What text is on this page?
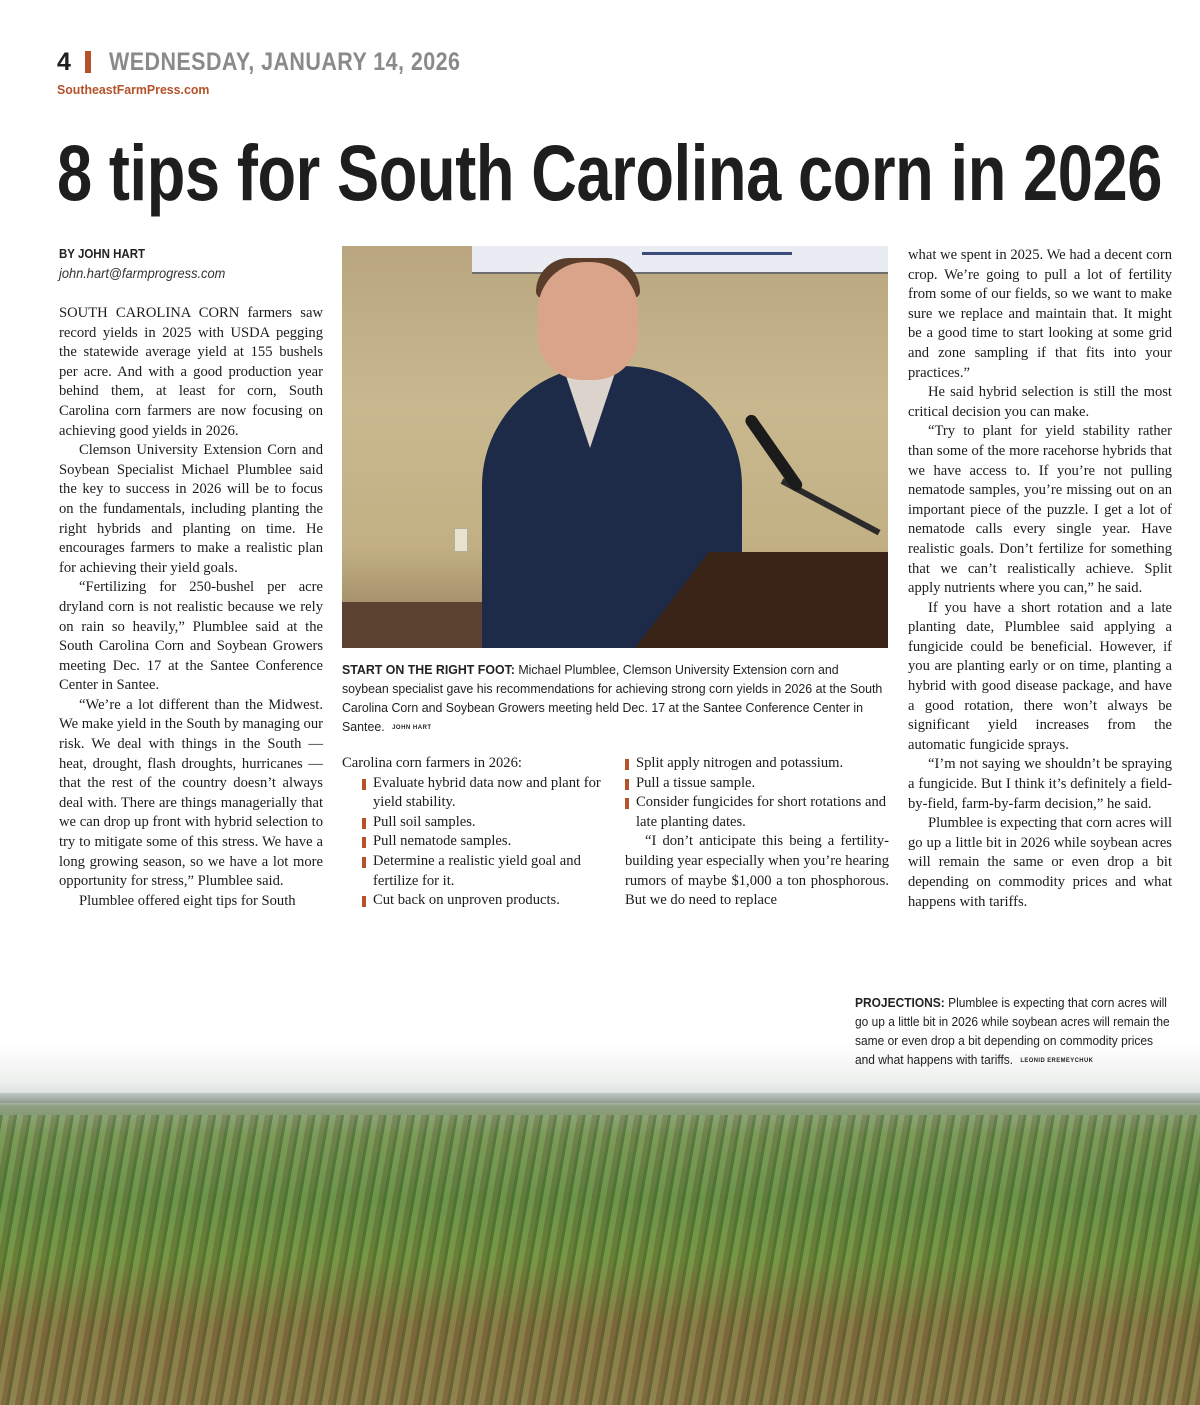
4 WEDNESDAY, JANUARY 14, 2026
SoutheastFarmPress.com
8 tips for South Carolina corn in 2026
BY JOHN HART
john.hart@farmprogress.com

SOUTH CAROLINA CORN farmers saw record yields in 2025 with USDA pegging the statewide average yield at 155 bushels per acre. And with a good production year behind them, at least for corn, South Carolina corn farmers are now focusing on achieving good yields in 2026.

Clemson University Extension Corn and Soybean Specialist Michael Plumblee said the key to success in 2026 will be to focus on the fundamentals, including planting the right hybrids and planting on time. He encourages farmers to make a realistic plan for achieving their yield goals.

“Fertilizing for 250-bushel per acre dryland corn is not realistic because we rely on rain so heavily,” Plumblee said at the South Carolina Corn and Soybean Growers meeting Dec. 17 at the Santee Conference Center in Santee.

“We’re a lot different than the Midwest. We make yield in the South by managing our risk. We deal with things in the South — heat, drought, flash droughts, hurricanes — that the rest of the country doesn’t always deal with. There are things managerially that we can drop up front with hybrid selection to try to mitigate some of this stress. We have a long growing season, so we have a lot more opportunity for stress,” Plumblee said.

Plumblee offered eight tips for South

START ON THE RIGHT FOOT: Michael Plumblee, Clemson University Extension corn and soybean specialist gave his recommendations for achieving strong corn yields in 2026 at the South Carolina Corn and Soybean Growers meeting held Dec. 17 at the Santee Conference Center in Santee. JOHN HART

Carolina corn farmers in 2026:

Evaluate hybrid data now and plant for yield stability.
Pull soil samples.
Pull nematode samples.
Determine a realistic yield goal and fertilize for it.
Cut back on unproven products.
Split apply nitrogen and potassium.
Pull a tissue sample.
Consider fungicides for short rotations and late planting dates.

“I don’t anticipate this being a fertility-building year especially when you’re hearing rumors of maybe $1,000 a ton phosphorous. But we do need to replace

what we spent in 2025. We had a decent corn crop. We’re going to pull a lot of fertility from some of our fields, so we want to make sure we replace and maintain that. It might be a good time to start looking at some grid and zone sampling if that fits into your practices.”

He said hybrid selection is still the most critical decision you can make.

“Try to plant for yield stability rather than some of the more racehorse hybrids that we have access to. If you’re not pulling nematode samples, you’re missing out on an important piece of the puzzle. I get a lot of nematode calls every single year. Have realistic goals. Don’t fertilize for something that we can’t realistically achieve. Split apply nutrients where you can,” he said.

If you have a short rotation and a late planting date, Plumblee said applying a fungicide could be beneficial. However, if you are planting early or on time, planting a hybrid with good disease package, and have a good rotation, there won’t always be significant yield increases from the automatic fungicide sprays.

“I’m not saying we shouldn’t be spraying a fungicide. But I think it’s definitely a field-by-field, farm-by-farm decision,” he said.

Plumblee is expecting that corn acres will go up a little bit in 2026 while soybean acres will remain the same or even drop a bit depending on commodity prices and what happens with tariffs.

PROJECTIONS: Plumblee is expecting that corn acres will go up a little bit in 2026 while soybean acres will remain the same or even drop a bit depending on commodity prices and what happens with tariffs. LEONID EREMEYCHUK
